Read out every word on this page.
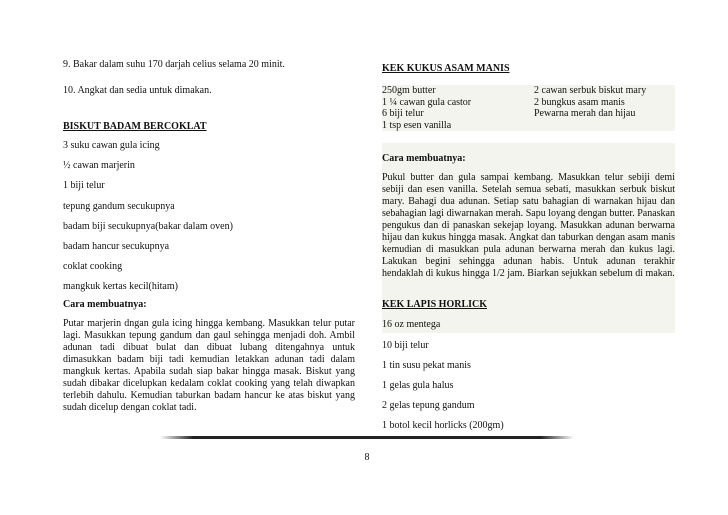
9. Bakar dalam suhu 170 darjah celius selama 20 minit.

10. Angkat dan sedia untuk dimakan.

BISKUT BADAM BERCOKLAT

3 suku cawan gula icing

½ cawan marjerin

1 biji telur

tepung gandum secukupnya

badam biji secukupnya(bakar dalam oven)

badam hancur secukupnya

coklat cooking

mangkuk kertas kecil(hitam)

Cara membuatnya:

Putar marjerin dngan gula icing hingga kembang. Masukkan telur putar lagi. Masukkan tepung gandum dan gaul sehingga menjadi doh. Ambil adunan tadi dibuat bulat dan dibuat lubang ditengahnya untuk dimasukkan badam biji tadi kemudian letakkan adunan tadi dalam mangkuk kertas. Apabila sudah siap bakar hingga masak. Biskut yang sudah dibakar dicelupkan kedalam coklat cooking yang telah diwapkan terlebih dahulu. Kemudian taburkan badam hancur ke atas biskut yang sudah dicelup dengan coklat tadi.

KEK KUKUS ASAM MANIS

250gm butter	2 cawan serbuk biskut mary
1 ¼ cawan gula castor	2 bungkus asam manis
6 biji telur	Pewarna merah dan hijau
1 tsp esen vanilla	

Cara membuatnya:

Pukul butter dan gula sampai kembang. Masukkan telur sebiji demi sebiji dan esen vanilla. Setelah semua sebati, masukkan serbuk biskut mary. Bahagi dua adunan. Setiap satu bahagian di warnakan hijau dan sebahagian lagi diwarnakan merah. Sapu loyang dengan butter. Panaskan pengukus dan di panaskan sekejap loyang. Masukkan adunan berwarna hijau dan kukus hingga masak. Angkat dan taburkan dengan asam manis kemudian di masukkan pula adunan berwarna merah dan kukus lagi. Lakukan begini sehingga adunan habis. Untuk adunan terakhir hendaklah di kukus hingga 1/2 jam. Biarkan sejukkan sebelum di makan.

KEK LAPIS HORLICK

16 oz mentega

10 biji telur

1 tin susu pekat manis

1 gelas gula halus

2 gelas tepung gandum

1 botol kecil horlicks (200gm)

8
